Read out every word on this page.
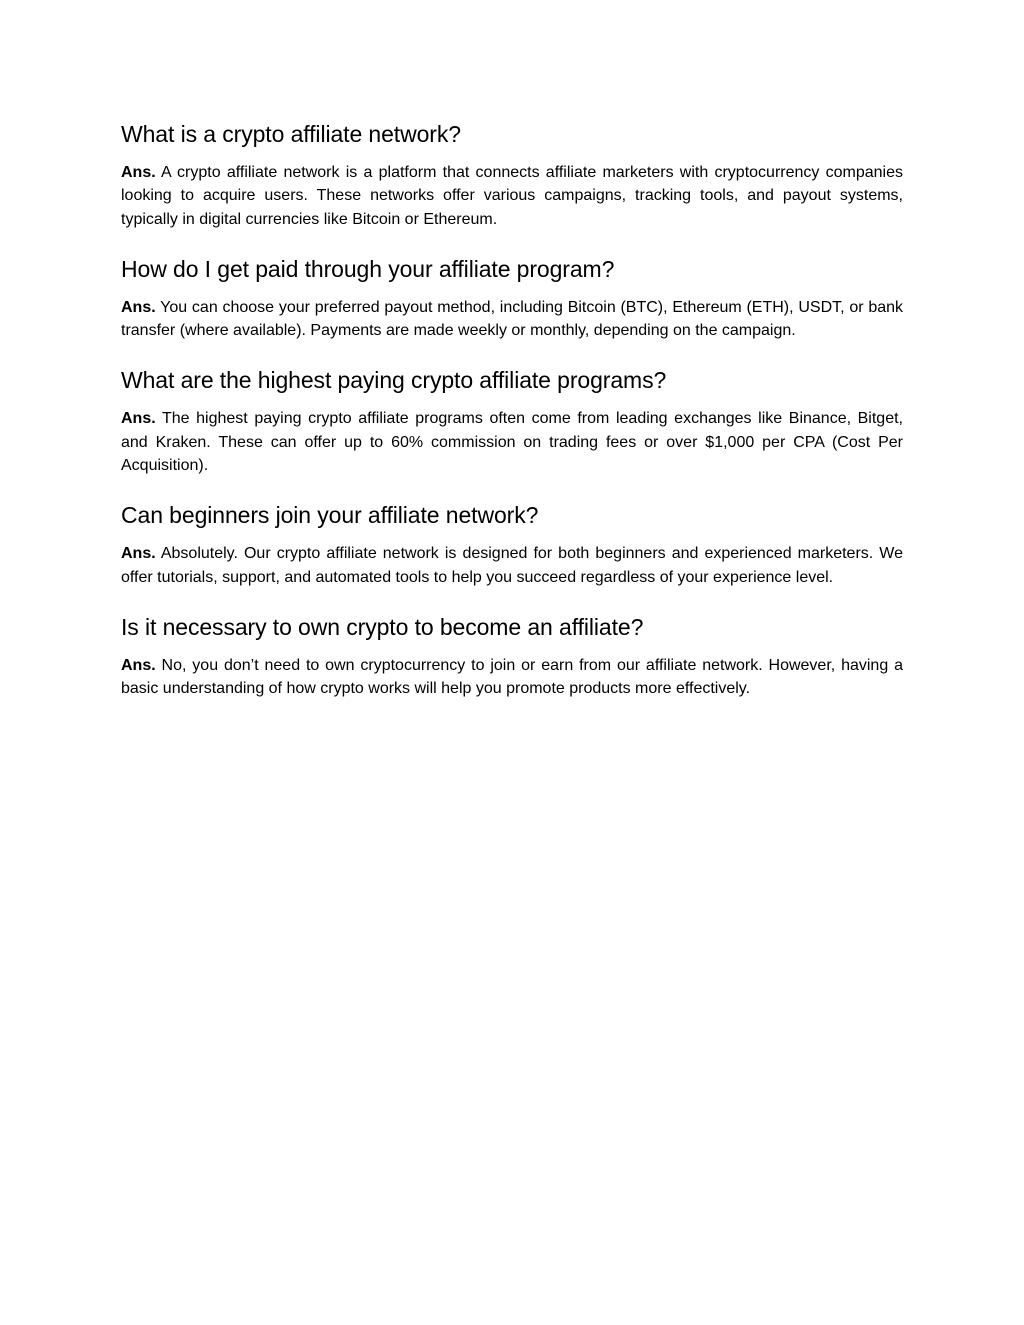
What is a crypto affiliate network?

Ans. A crypto affiliate network is a platform that connects affiliate marketers with cryptocurrency companies looking to acquire users. These networks offer various campaigns, tracking tools, and payout systems, typically in digital currencies like Bitcoin or Ethereum.

How do I get paid through your affiliate program?

Ans. You can choose your preferred payout method, including Bitcoin (BTC), Ethereum (ETH), USDT, or bank transfer (where available). Payments are made weekly or monthly, depending on the campaign.

What are the highest paying crypto affiliate programs?

Ans. The highest paying crypto affiliate programs often come from leading exchanges like Binance, Bitget, and Kraken. These can offer up to 60% commission on trading fees or over $1,000 per CPA (Cost Per Acquisition).

Can beginners join your affiliate network?

Ans. Absolutely. Our crypto affiliate network is designed for both beginners and experienced marketers. We offer tutorials, support, and automated tools to help you succeed regardless of your experience level.

Is it necessary to own crypto to become an affiliate?

Ans. No, you don’t need to own cryptocurrency to join or earn from our affiliate network. However, having a basic understanding of how crypto works will help you promote products more effectively.
